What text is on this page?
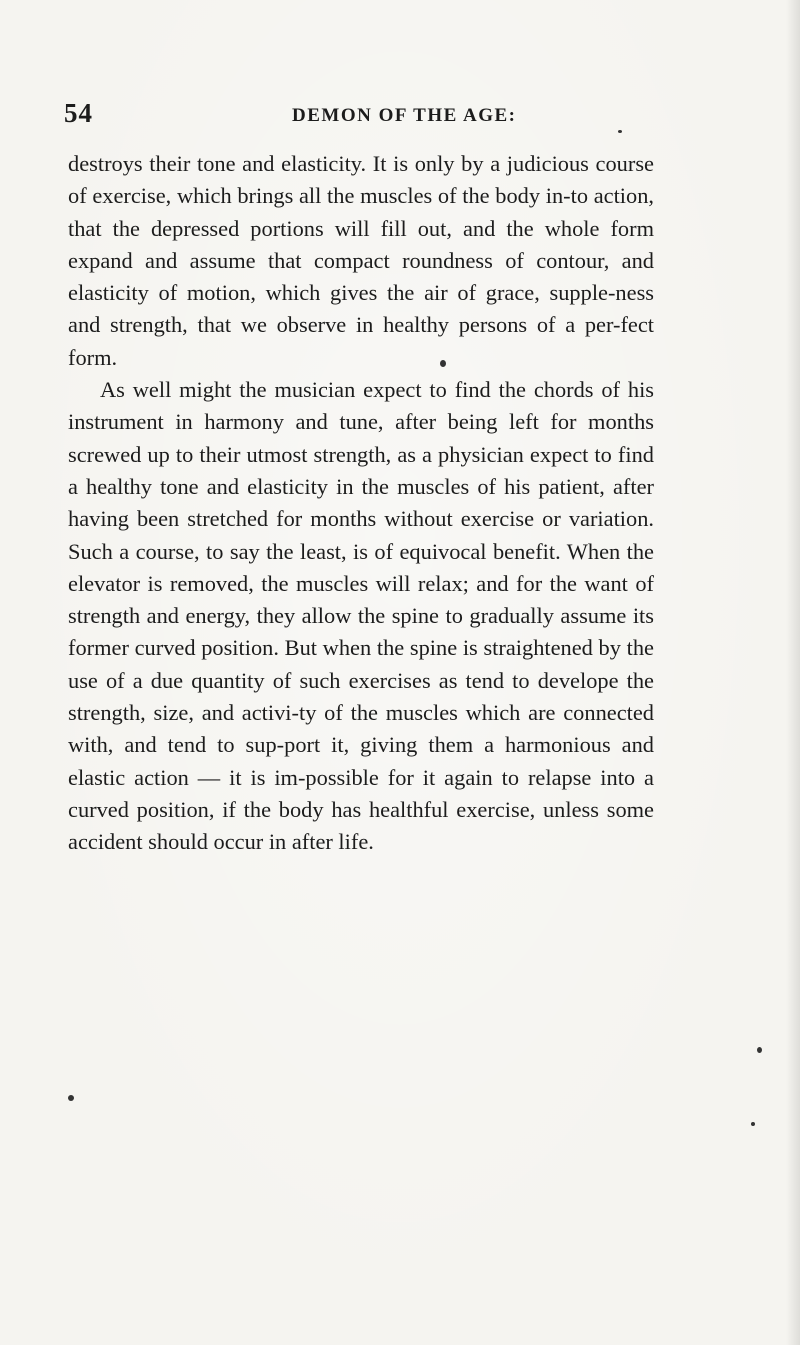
54	DEMON OF THE AGE:

destroys their tone and elasticity. It is only by a judicious course of exercise, which brings all the muscles of the body in-to action, that the depressed portions will fill out, and the whole form expand and assume that compact roundness of contour, and elasticity of motion, which gives the air of grace, supple-ness and strength, that we observe in healthy persons of a per-fect form.

As well might the musician expect to find the chords of his instrument in harmony and tune, after being left for months screwed up to their utmost strength, as a physician expect to find a healthy tone and elasticity in the muscles of his patient, after having been stretched for months without exercise or variation. Such a course, to say the least, is of equivocal benefit. When the elevator is removed, the muscles will relax; and for the want of strength and energy, they allow the spine to gradually assume its former curved position. But when the spine is straightened by the use of a due quantity of such exercises as tend to develope the strength, size, and activi-ty of the muscles which are connected with, and tend to sup-port it, giving them a harmonious and elastic action — it is im-possible for it again to relapse into a curved position, if the body has healthful exercise, unless some accident should occur in after life.
